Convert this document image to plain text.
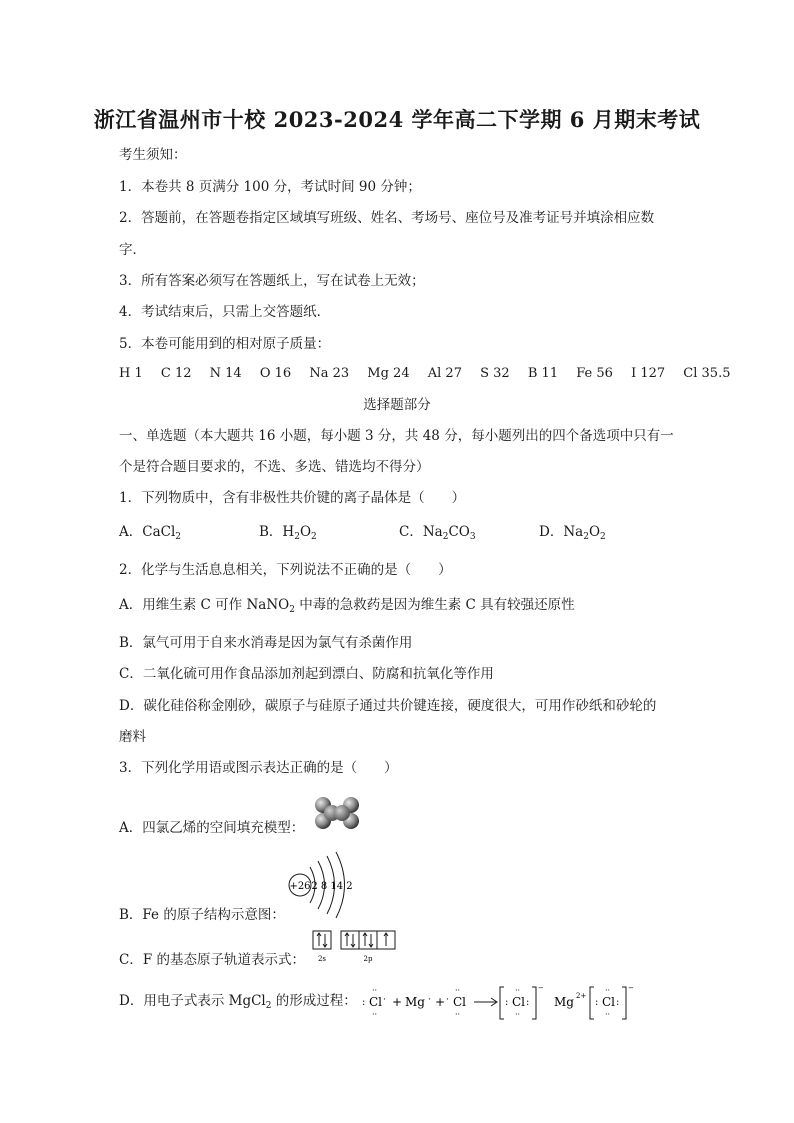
浙江省温州市十校 2023-2024 学年高二下学期 6 月期末考试
考生须知：
1．本卷共 8 页满分 100 分，考试时间 90 分钟；
2．答题前，在答题卷指定区域填写班级、姓名、考场号、座位号及准考证号并填涂相应数
字．
3．所有答案必须写在答题纸上，写在试卷上无效；
4．考试结束后，只需上交答题纸．
5．本卷可能用到的相对原子质量：
H 1 C 12 N 14 O 16 Na 23 Mg 24 Al 27 S 32 B 11 Fe 56 I 127 Cl 35.5
选择题部分
一、单选题（本大题共 16 小题，每小题 3 分，共 48 分，每小题列出的四个备选项中只有一
个是符合题目要求的，不选、多选、错选均不得分）
1．下列物质中，含有非极性共价键的离子晶体是（　　）
A．CaCl$_2$	B．$H_2O_2$	C．$Na_2CO_3$	D．$Na_2O_2$
2．化学与生活息息相关，下列说法不正确的是（　　）
A．用维生素 C 可作 NaNO$_2$ 中毒的急救药是因为维生素 C 具有较强还原性
B．氯气可用于自来水消毒是因为氯气有杀菌作用
C．二氧化硫可用作食品添加剂起到漂白、防腐和抗氧化等作用
D．碳化硅俗称金刚砂，碳原子与硅原子通过共价键连接，硬度很大，可用作砂纸和砂轮的
磨料
3．下列化学用语或图示表达正确的是（　　）
A．四氯乙烯的空间填充模型：
B．Fe 的原子结构示意图：
+26 2 8 14 2
C．F 的基态原子轨道表示式： 2s	2p
D．用电子式表示 MgCl$_2$ 的形成过程： : Cl
··
··
· + Mg · + · Cl
··
··
: Cl
··
··
:
−
Mg 2+
: Cl
··
··
:
−
